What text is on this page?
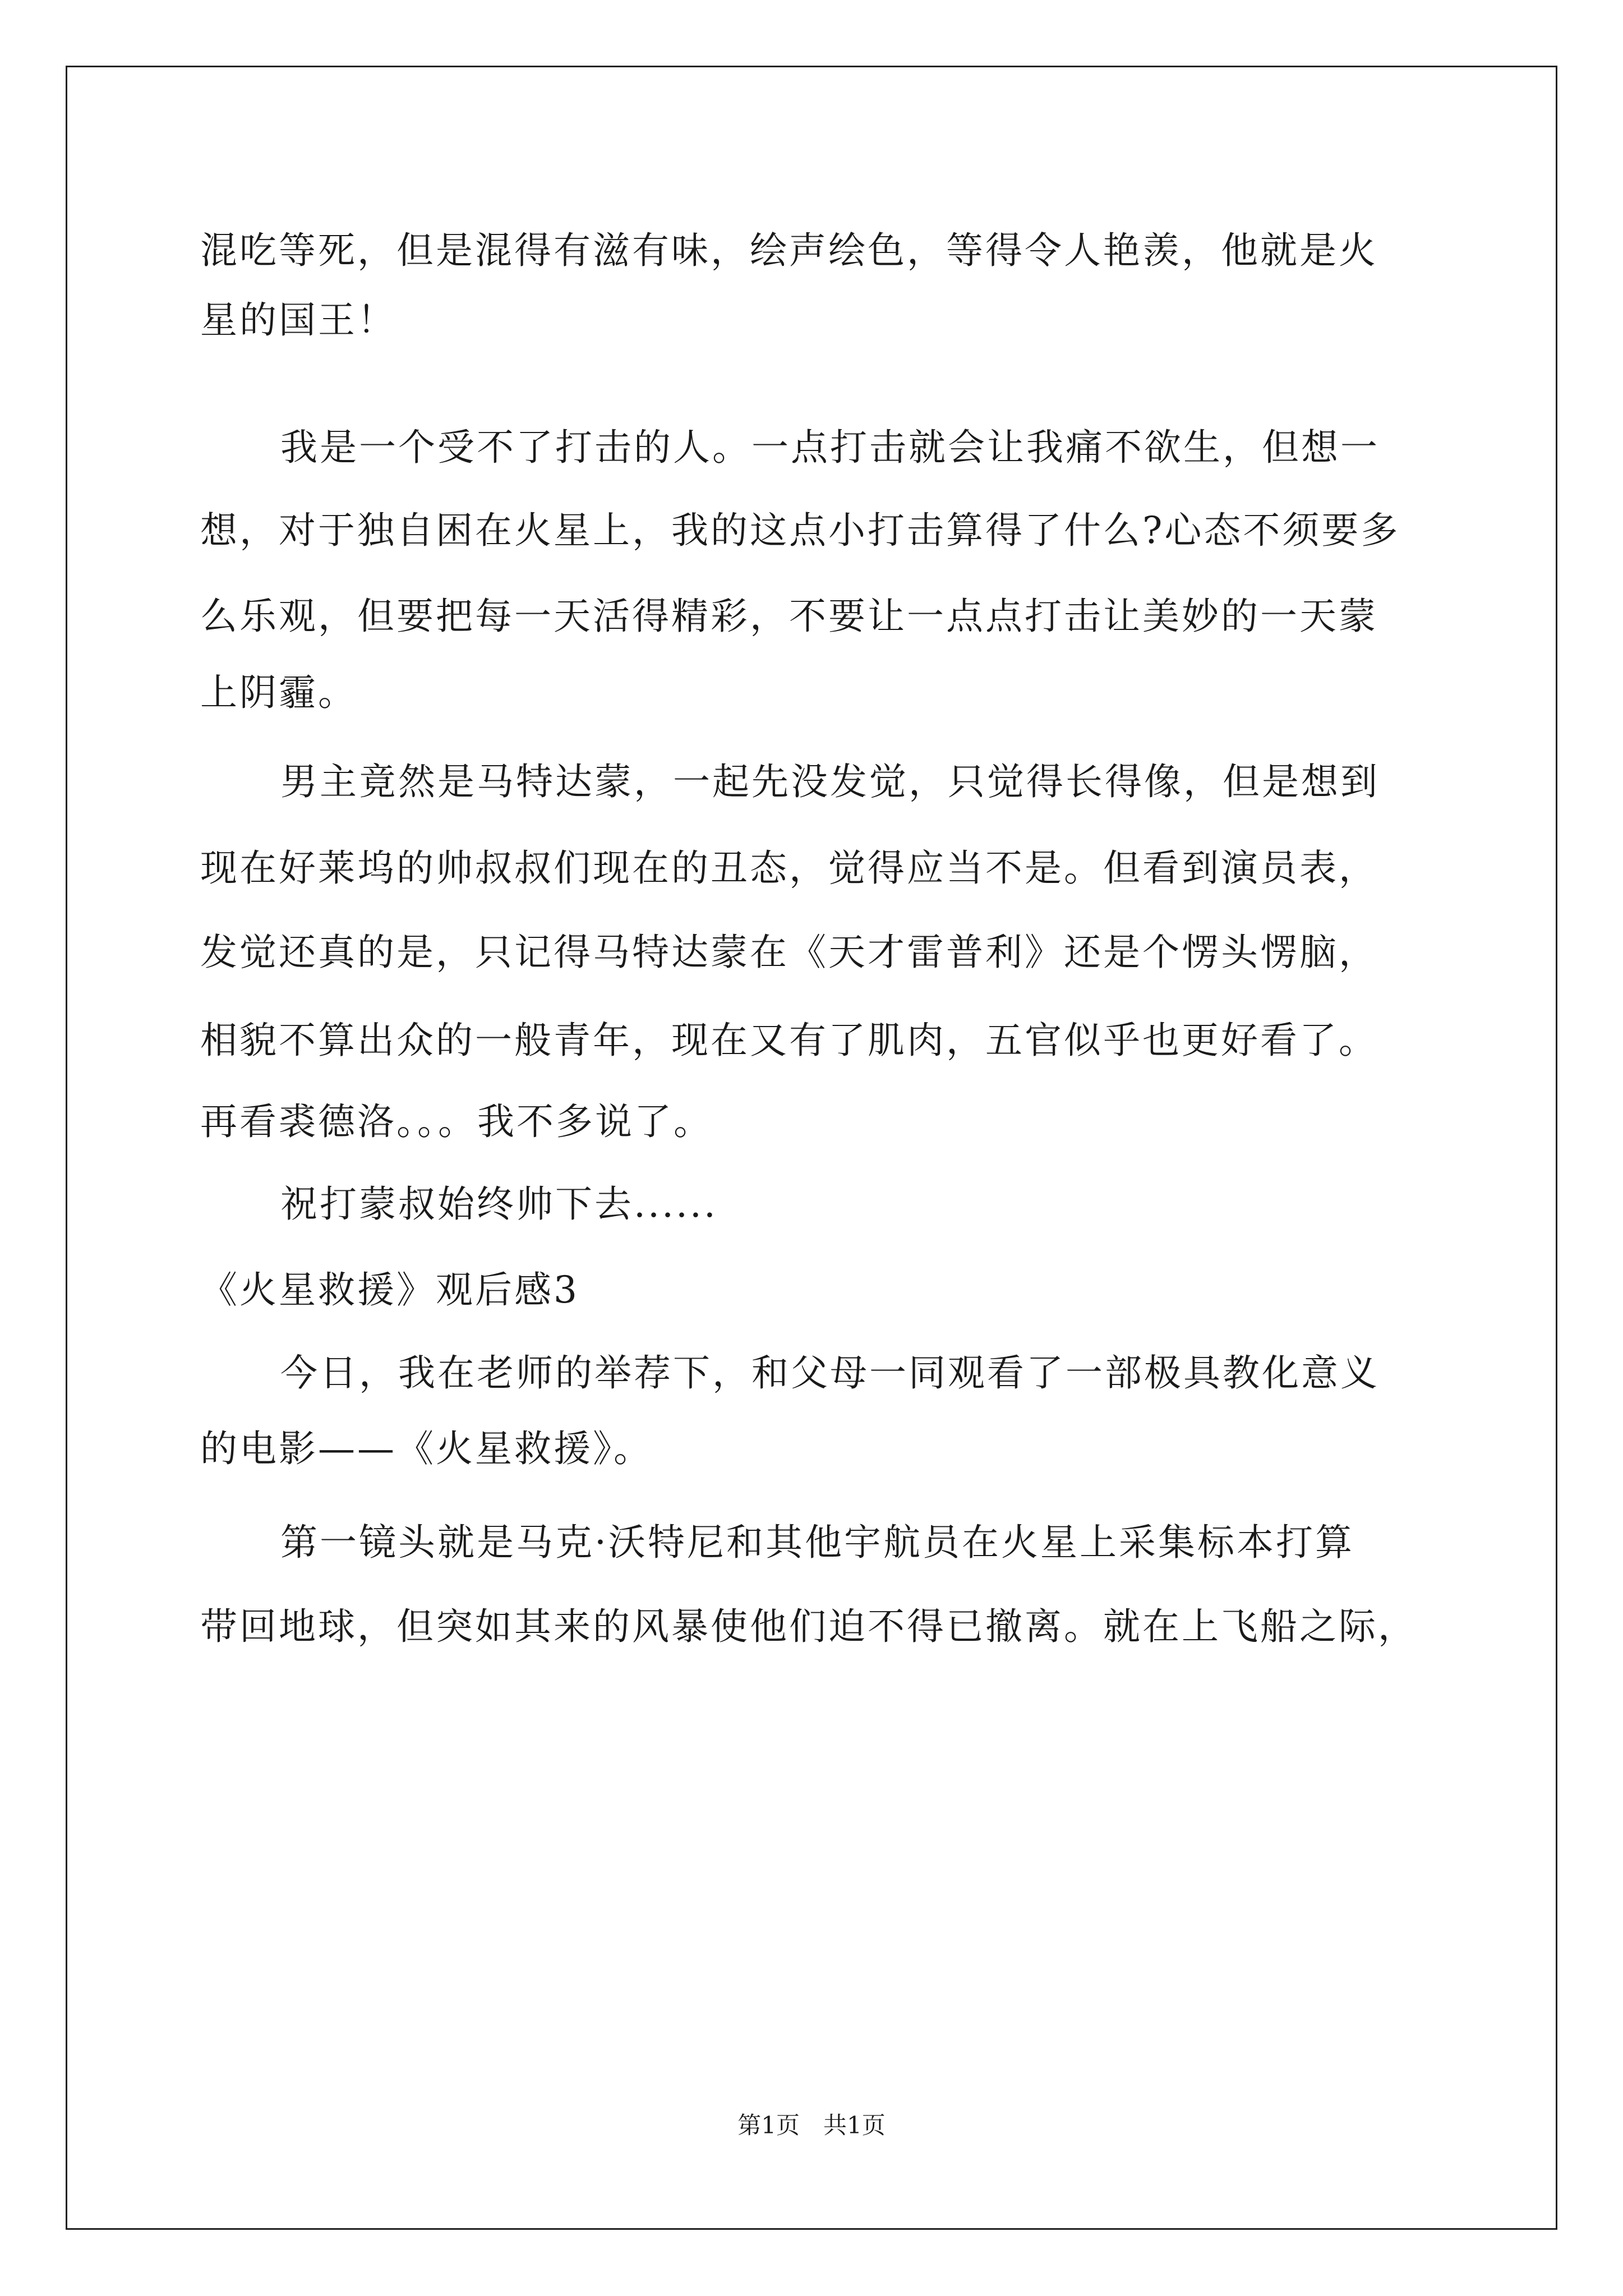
混吃等死，但是混得有滋有味，绘声绘色，等得令人艳羡，他就是火
星的国王！
我是一个受不了打击的人。一点打击就会让我痛不欲生，但想一
想，对于独自困在火星上，我的这点小打击算得了什么?心态不须要多
么乐观，但要把每一天活得精彩，不要让一点点打击让美妙的一天蒙
上阴霾。
男主竟然是马特达蒙，一起先没发觉，只觉得长得像，但是想到
现在好莱坞的帅叔叔们现在的丑态，觉得应当不是。但看到演员表，
发觉还真的是，只记得马特达蒙在《天才雷普利》还是个愣头愣脑，
相貌不算出众的一般青年，现在又有了肌肉，五官似乎也更好看了。
再看裘德洛。。。我不多说了。
祝打蒙叔始终帅下去......
《火星救援》观后感3
今日，我在老师的举荐下，和父母一同观看了一部极具教化意义
的电影——《火星救援》。
第一镜头就是马克·沃特尼和其他宇航员在火星上采集标本打算
带回地球，但突如其来的风暴使他们迫不得已撤离。就在上飞船之际，
第1页　共1页
